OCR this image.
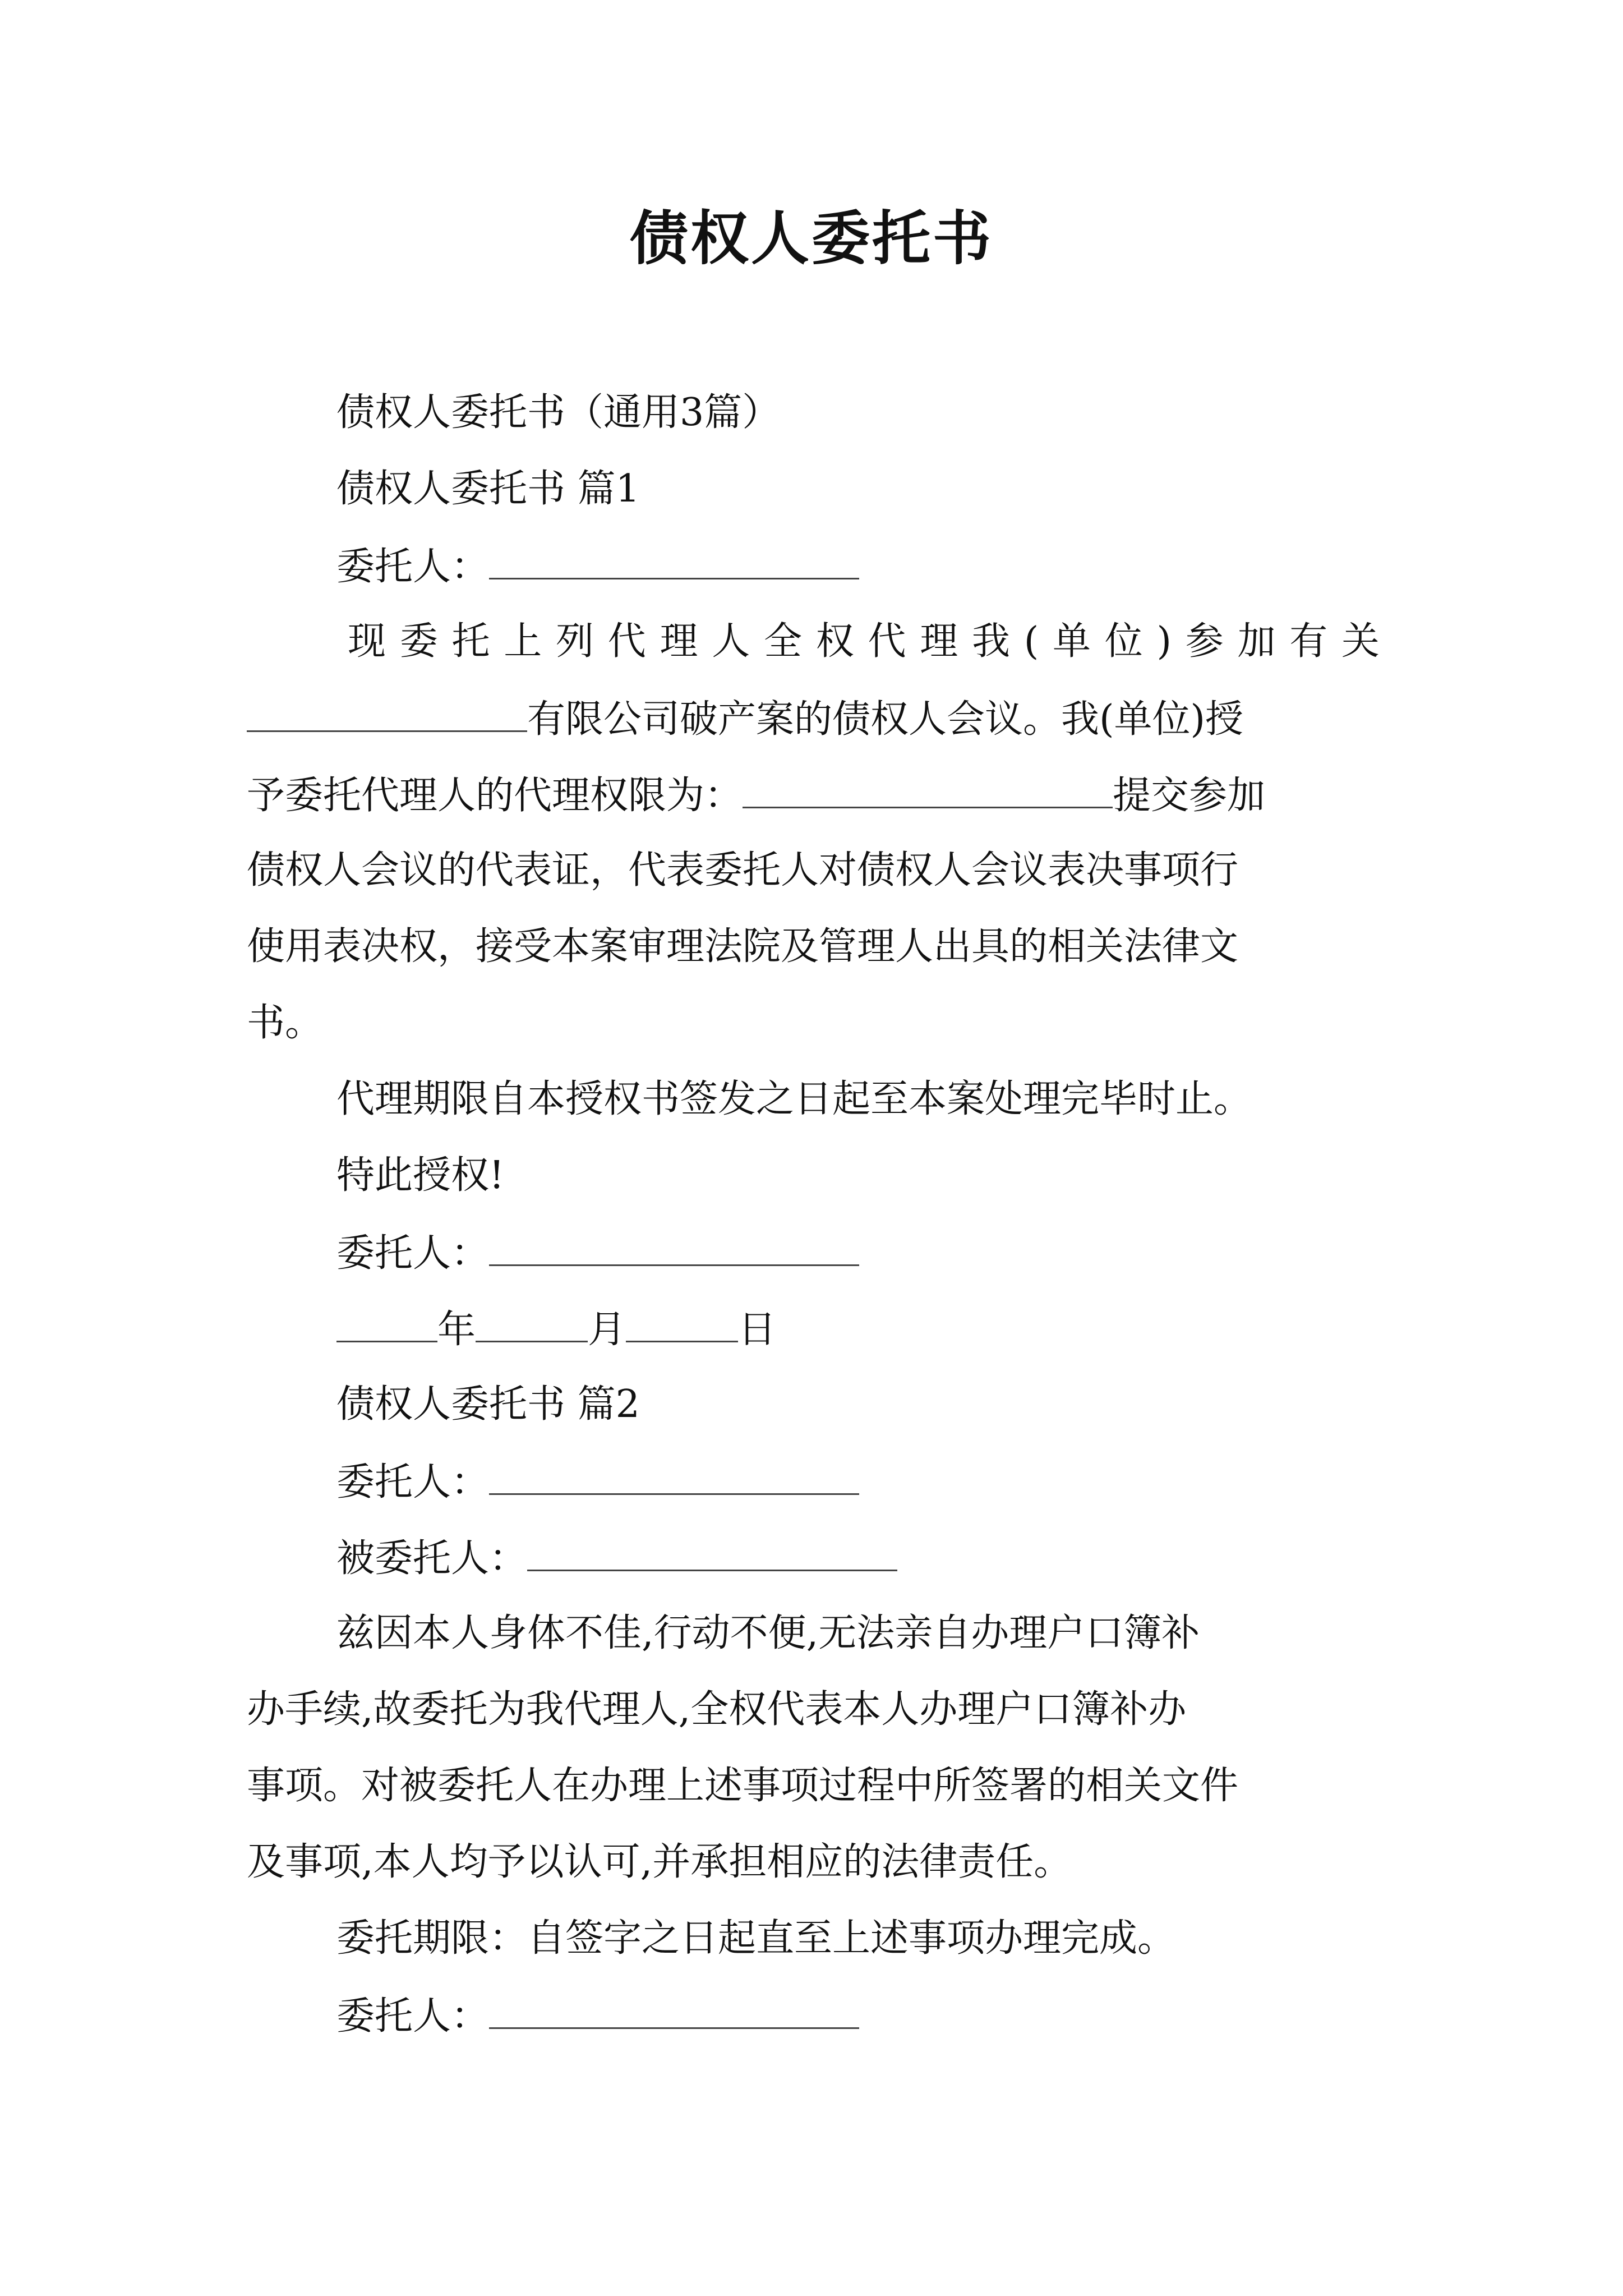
债权人委托书
债权人委托书（通用3篇）
债权人委托书 篇1
委托人：
现委托上列代理人全权代理我(单位)参加有关
有限公司破产案的债权人会议。我(单位)授
予委托代理人的代理权限为：	提交参加
债权人会议的代表证，代表委托人对债权人会议表决事项行
使用表决权，接受本案审理法院及管理人出具的相关法律文
书。
代理期限自本授权书签发之日起至本案处理完毕时止。
特此授权!
委托人：
年	月	日
债权人委托书 篇2
委托人：
被委托人：
兹因本人身体不佳,行动不便,无法亲自办理户口簿补
办手续,故委托为我代理人,全权代表本人办理户口簿补办
事项。对被委托人在办理上述事项过程中所签署的相关文件
及事项,本人均予以认可,并承担相应的法律责任。
委托期限：自签字之日起直至上述事项办理完成。
委托人：
